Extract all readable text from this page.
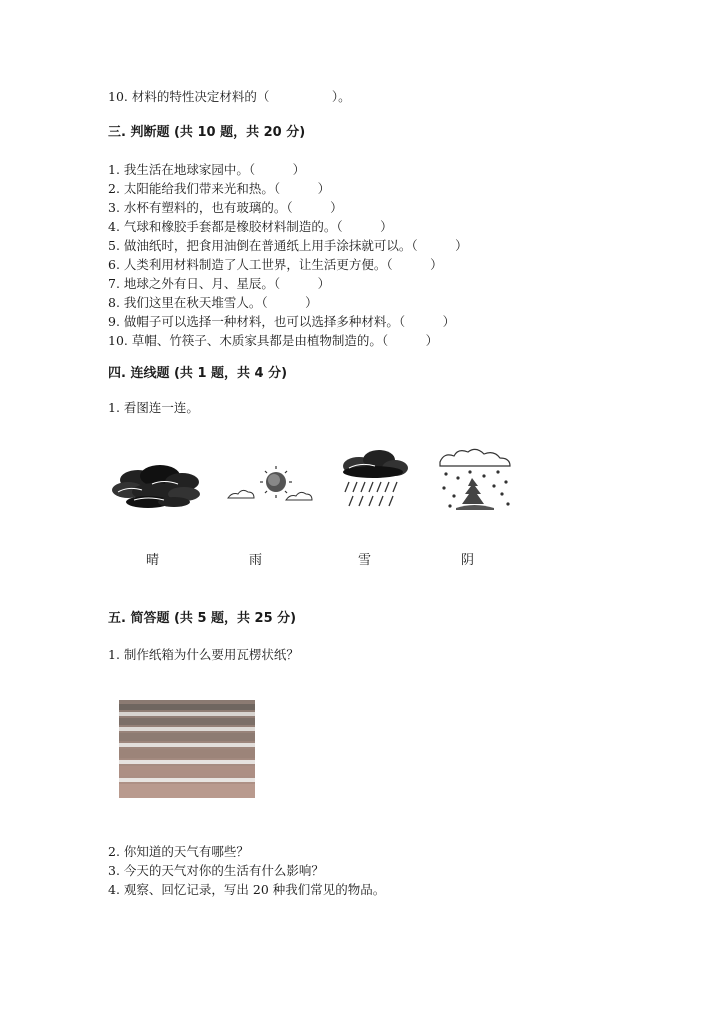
10. 材料的特性决定材料的（　　　　　）。
三. 判断题 (共 10 题，共 20 分)
1. 我生活在地球家园中。（　　　）
2. 太阳能给我们带来光和热。（　　　）
3. 水杯有塑料的，也有玻璃的。（　　　）
4. 气球和橡胶手套都是橡胶材料制造的。（　　　）
5. 做油纸时，把食用油倒在普通纸上用手涂抹就可以。（　　　）
6. 人类利用材料制造了人工世界，让生活更方便。（　　　）
7. 地球之外有日、月、星辰。（　　　）
8. 我们这里在秋天堆雪人。（　　　）
9. 做帽子可以选择一种材料，也可以选择多种材料。（　　　）
10. 草帽、竹筷子、木质家具都是由植物制造的。（　　　）
四. 连线题 (共 1 题，共 4 分)
1. 看图连一连。
晴	雨	雪	阴
五. 简答题 (共 5 题，共 25 分)
1. 制作纸箱为什么要用瓦楞状纸？
2. 你知道的天气有哪些？
3. 今天的天气对你的生活有什么影响？
4. 观察、回忆记录，写出 20 种我们常见的物品。
